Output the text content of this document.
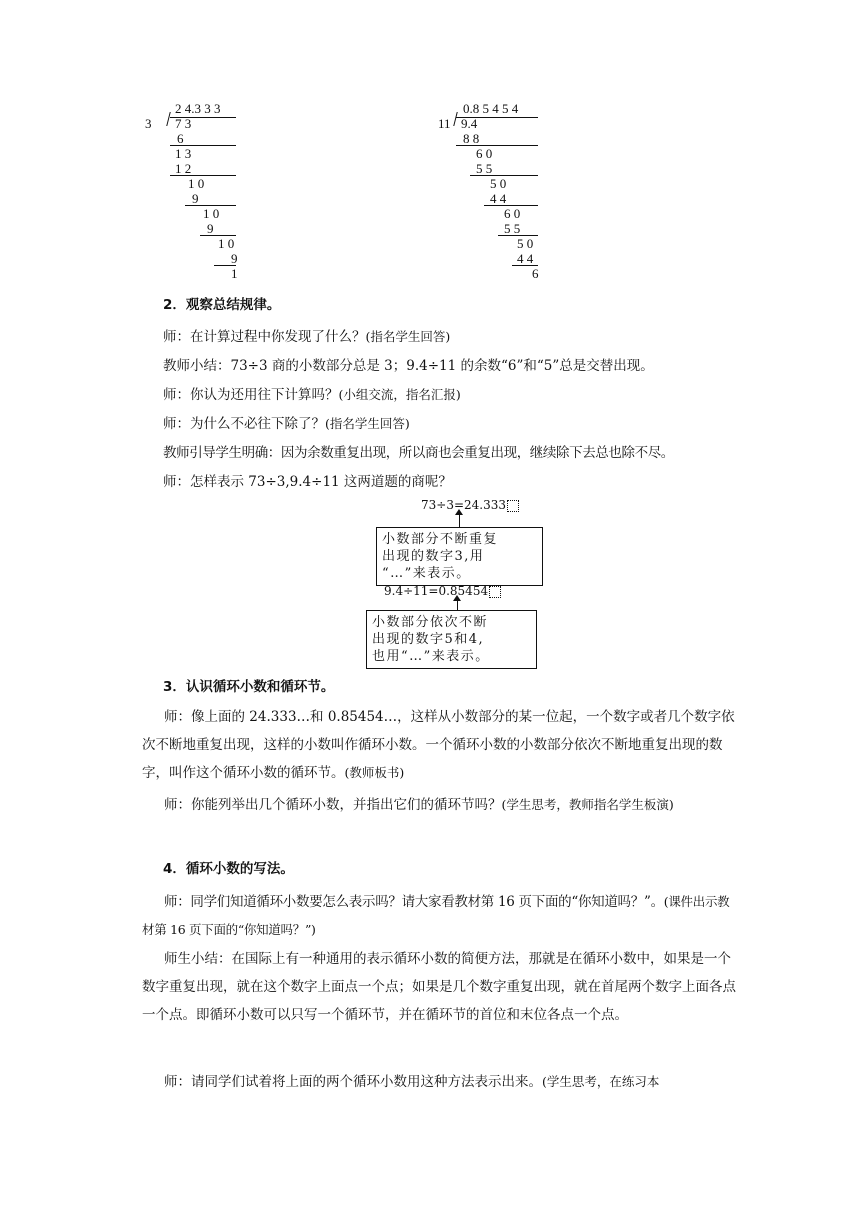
2 4.3 3 3
3 7 3
6
1 3
1 2
1 0
9
1 0
9
1 0
9
1
0.8 5 4 5 4
11 9.4
8 8
6 0
5 5
5 0
4 4
6 0
5 5
5 0
4 4
6
2．观察总结规律。
师：在计算过程中你发现了什么？(指名学生回答)
教师小结：73÷3 商的小数部分总是 3；9.4÷11 的余数“6”和“5”总是交替出现。
师：你认为还用往下计算吗？(小组交流，指名汇报)
师：为什么不必往下除了？(指名学生回答)
教师引导学生明确：因为余数重复出现，所以商也会重复出现，继续除下去总也除不尽。
师：怎样表示 73÷3,9.4÷11 这两道题的商呢？
73÷3=24.333
小数部分不断重复
出现的数字3,用
“…”来表示。
9.4÷11=0.85454
小数部分依次不断
出现的数字5和4,
也用“…”来表示。
3．认识循环小数和循环节。
师：像上面的 24.333…和 0.85454…，这样从小数部分的某一位起，一个数字或者几个数字依次不断地重复出现，这样的小数叫作循环小数。一个循环小数的小数部分依次不断地重复出现的数字，叫作这个循环小数的循环节。(教师板书)
师：你能列举出几个循环小数，并指出它们的循环节吗？(学生思考，教师指名学生板演)
4．循环小数的写法。
师：同学们知道循环小数要怎么表示吗？请大家看教材第 16 页下面的“你知道吗？”。(课件出示教材第 16 页下面的“你知道吗？”)
师生小结：在国际上有一种通用的表示循环小数的简便方法，那就是在循环小数中，如果是一个数字重复出现，就在这个数字上面点一个点；如果是几个数字重复出现，就在首尾两个数字上面各点一个点。即循环小数可以只写一个循环节，并在循环节的首位和末位各点一个点。
师：请同学们试着将上面的两个循环小数用这种方法表示出来。(学生思考，在练习本
